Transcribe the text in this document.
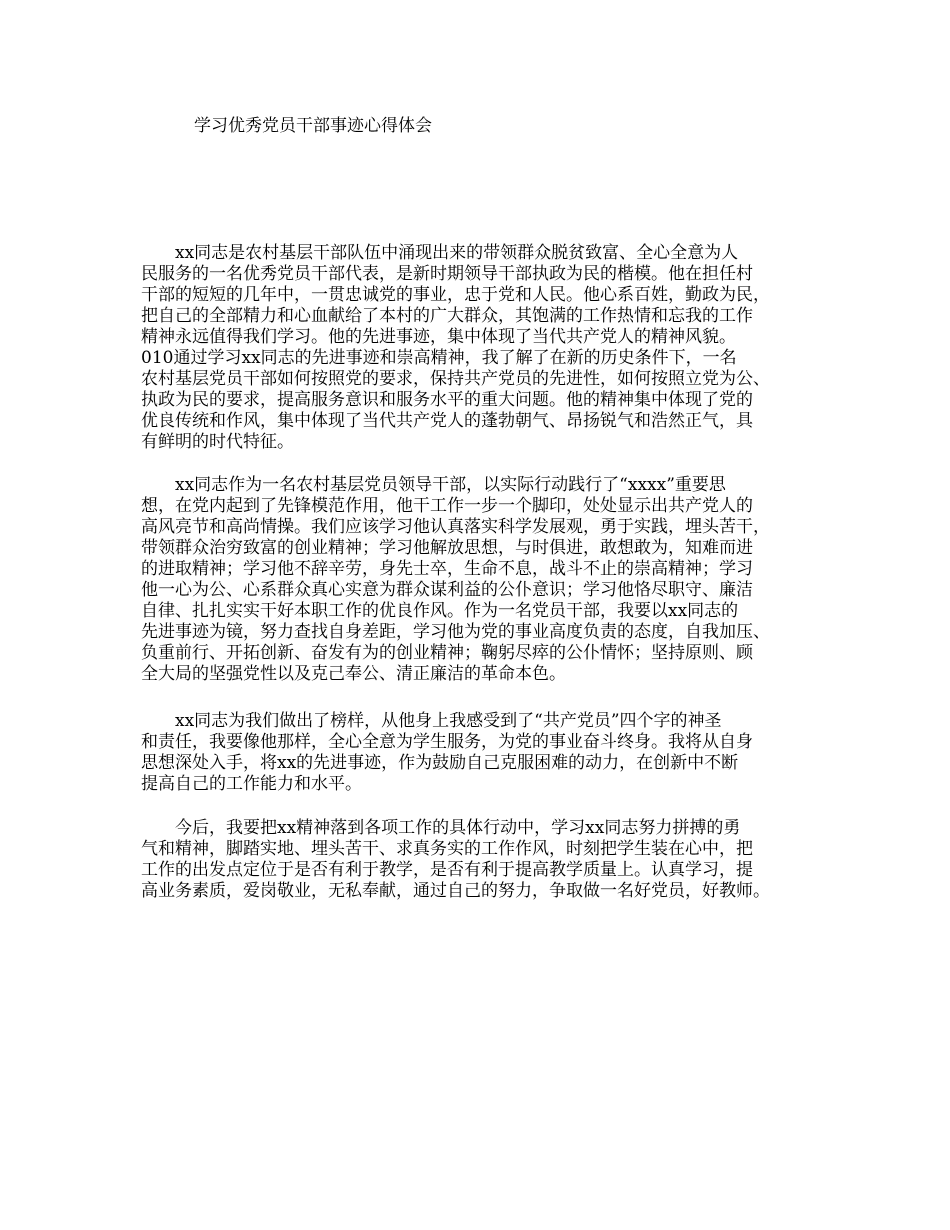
学习优秀党员干部事迹心得体会
　　xx同志是农村基层干部队伍中涌现出来的带领群众脱贫致富、全心全意为人
民服务的一名优秀党员干部代表，是新时期领导干部执政为民的楷模。他在担任村
干部的短短的几年中，一贯忠诚党的事业，忠于党和人民。他心系百姓，勤政为民，
把自己的全部精力和心血献给了本村的广大群众，其饱满的工作热情和忘我的工作
精神永远值得我们学习。他的先进事迹，集中体现了当代共产党人的精神风貌。
010通过学习xx同志的先进事迹和崇高精神，我了解了在新的历史条件下，一名
农村基层党员干部如何按照党的要求，保持共产党员的先进性，如何按照立党为公、
执政为民的要求，提高服务意识和服务水平的重大问题。他的精神集中体现了党的
优良传统和作风，集中体现了当代共产党人的蓬勃朝气、昂扬锐气和浩然正气，具
有鲜明的时代特征。
　　xx同志作为一名农村基层党员领导干部，以实际行动践行了“xxxx”重要思
想，在党内起到了先锋模范作用，他干工作一步一个脚印，处处显示出共产党人的
高风亮节和高尚情操。我们应该学习他认真落实科学发展观，勇于实践，埋头苦干，
带领群众治穷致富的创业精神；学习他解放思想，与时俱进，敢想敢为，知难而进
的进取精神；学习他不辞辛劳，身先士卒，生命不息，战斗不止的崇高精神；学习
他一心为公、心系群众真心实意为群众谋利益的公仆意识；学习他恪尽职守、廉洁
自律、扎扎实实干好本职工作的优良作风。作为一名党员干部，我要以xx同志的
先进事迹为镜，努力查找自身差距，学习他为党的事业高度负责的态度，自我加压、
负重前行、开拓创新、奋发有为的创业精神；鞠躬尽瘁的公仆情怀；坚持原则、顾
全大局的坚强党性以及克己奉公、清正廉洁的革命本色。
　　xx同志为我们做出了榜样，从他身上我感受到了“共产党员”四个字的神圣
和责任，我要像他那样，全心全意为学生服务，为党的事业奋斗终身。我将从自身
思想深处入手，将xx的先进事迹，作为鼓励自己克服困难的动力，在创新中不断
提高自己的工作能力和水平。
　　今后，我要把xx精神落到各项工作的具体行动中，学习xx同志努力拼搏的勇
气和精神，脚踏实地、埋头苦干、求真务实的工作作风，时刻把学生装在心中，把
工作的出发点定位于是否有利于教学，是否有利于提高教学质量上。认真学习，提
高业务素质，爱岗敬业，无私奉献，通过自己的努力，争取做一名好党员，好教师。
